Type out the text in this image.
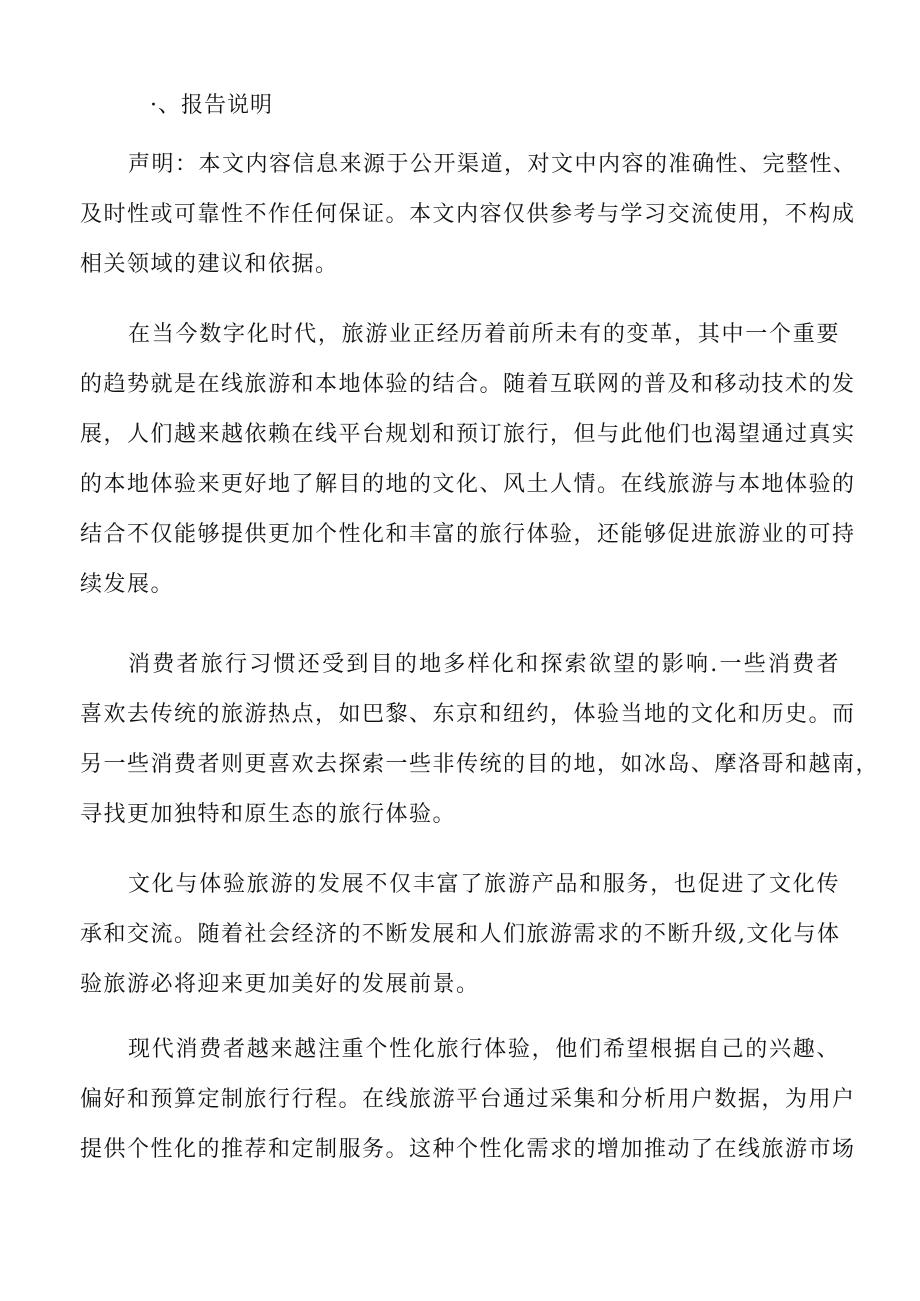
·、报告说明
声明：本文内容信息来源于公开渠道，对文中内容的准确性、完整性、
及时性或可靠性不作任何保证。本文内容仅供参考与学习交流使用，不构成
相关领域的建议和依据。
在当今数字化时代，旅游业正经历着前所未有的变革，其中一个重要
的趋势就是在线旅游和本地体验的结合。随着互联网的普及和移动技术的发
展，人们越来越依赖在线平台规划和预订旅行，但与此他们也渴望通过真实
的本地体验来更好地了解目的地的文化、风土人情。在线旅游与本地体验的
结合不仅能够提供更加个性化和丰富的旅行体验，还能够促进旅游业的可持
续发展。
消费者旅行习惯还受到目的地多样化和探索欲望的影响.一些消费者
喜欢去传统的旅游热点，如巴黎、东京和纽约，体验当地的文化和历史。而
另一些消费者则更喜欢去探索一些非传统的目的地，如冰岛、摩洛哥和越南，
寻找更加独特和原生态的旅行体验。
文化与体验旅游的发展不仅丰富了旅游产品和服务，也促进了文化传
承和交流。随着社会经济的不断发展和人们旅游需求的不断升级,文化与体
验旅游必将迎来更加美好的发展前景。
现代消费者越来越注重个性化旅行体验，他们希望根据自己的兴趣、
偏好和预算定制旅行行程。在线旅游平台通过采集和分析用户数据，为用户
提供个性化的推荐和定制服务。这种个性化需求的增加推动了在线旅游市场
